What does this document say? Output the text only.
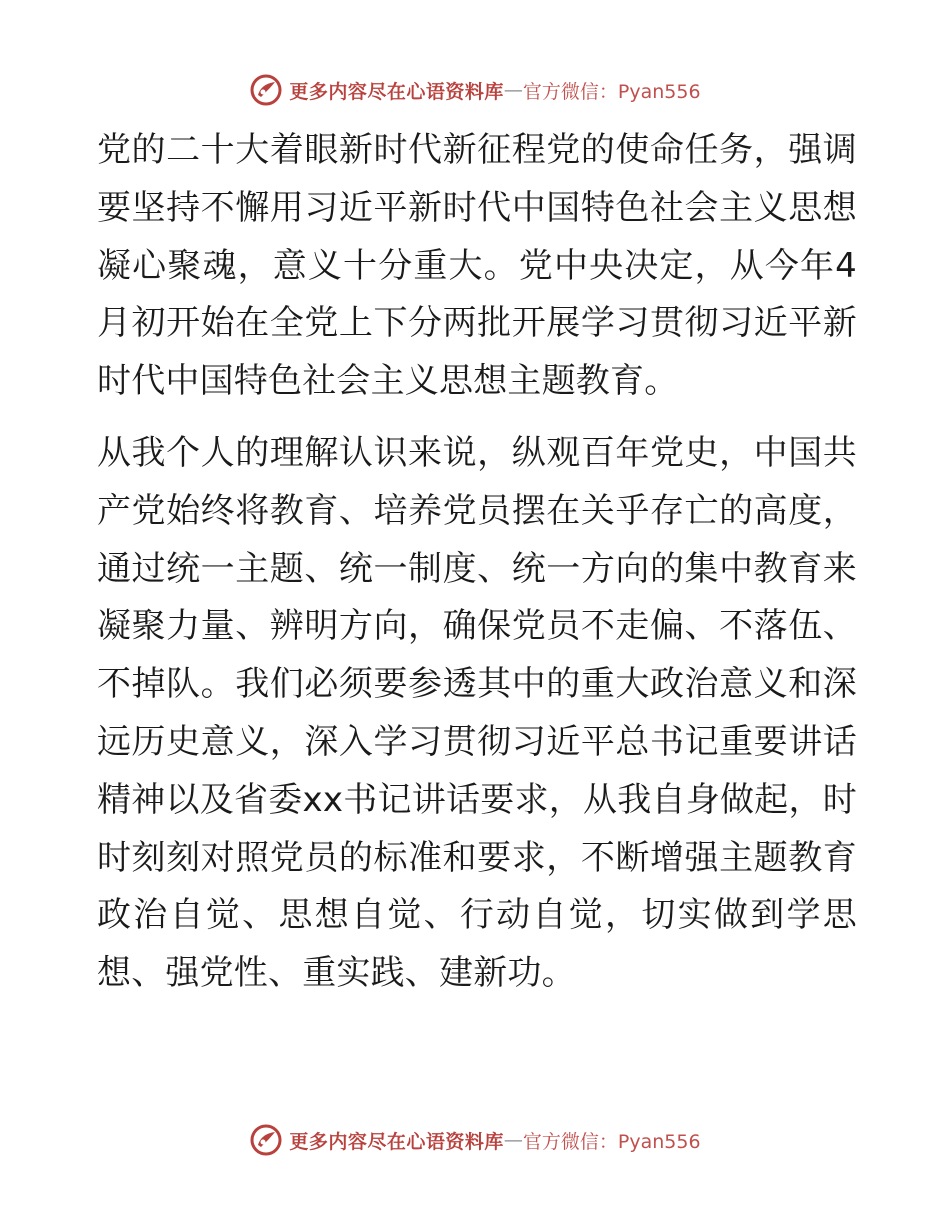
更多内容尽在心语资料库 — 官方微信：Pyan556

党的二十大着眼新时代新征程党的使命任务，强调要坚持不懈用习近平新时代中国特色社会主义思想凝心聚魂，意义十分重大。党中央决定，从今年4月初开始在全党上下分两批开展学习贯彻习近平新时代中国特色社会主义思想主题教育。

从我个人的理解认识来说，纵观百年党史，中国共产党始终将教育、培养党员摆在关乎存亡的高度，通过统一主题、统一制度、统一方向的集中教育来凝聚力量、辨明方向，确保党员不走偏、不落伍、不掉队。我们必须要参透其中的重大政治意义和深远历史意义，深入学习贯彻习近平总书记重要讲话精神以及省委xx书记讲话要求，从我自身做起，时时刻刻对照党员的标准和要求，不断增强主题教育政治自觉、思想自觉、行动自觉，切实做到学思想、强党性、重实践、建新功。

更多内容尽在心语资料库 — 官方微信：Pyan556
